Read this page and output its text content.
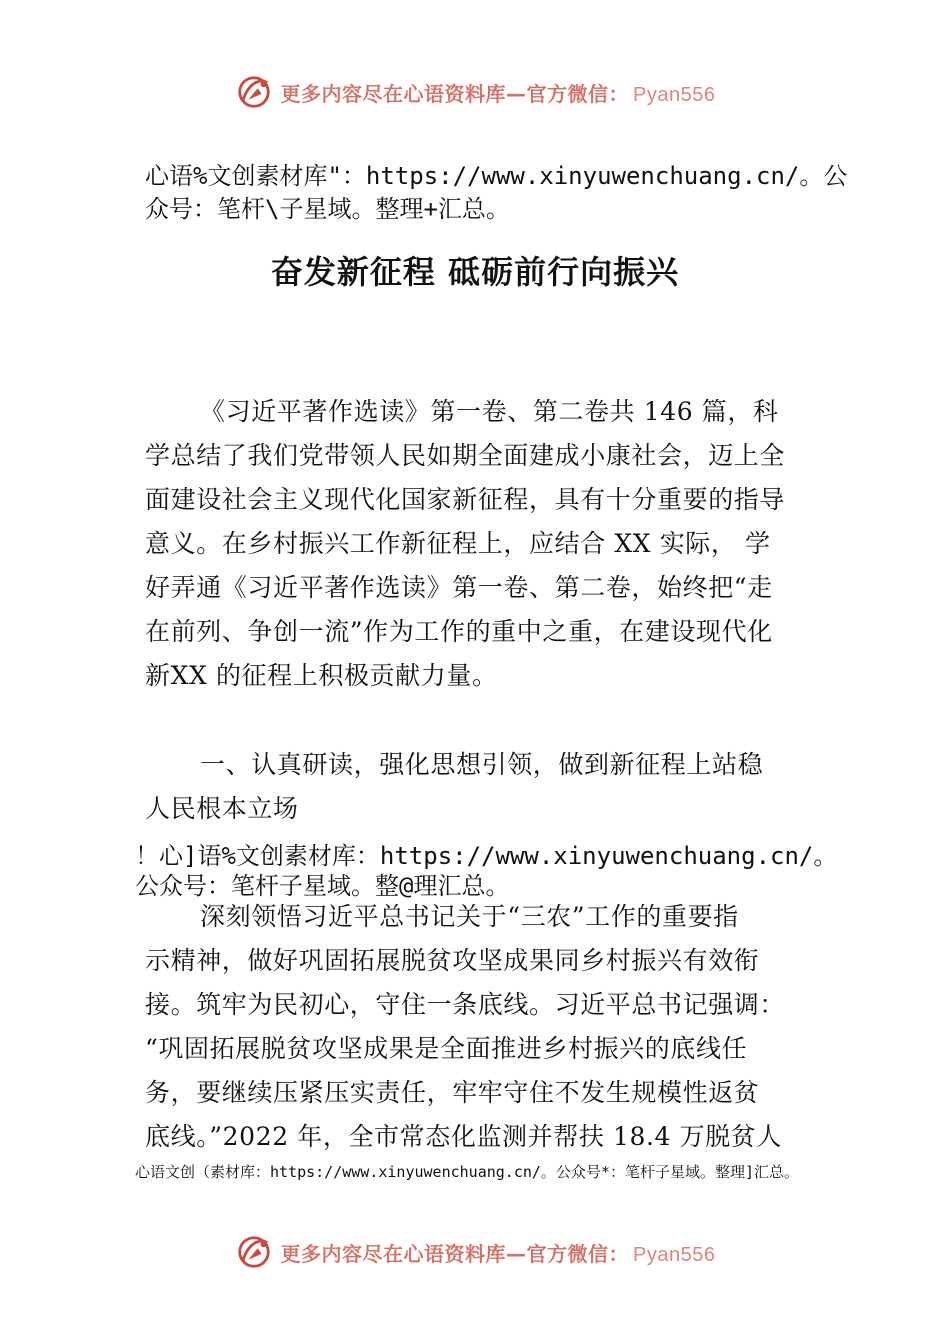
更多内容尽在心语资料库—官方微信： Pyan556
心语%文创素材库"：https://www.xinyuwenchuang.cn/。公
众号：笔杆\子星域。整理+汇总。
奋发新征程 砥砺前行向振兴
《习近平著作选读》第一卷、第二卷共 146 篇，科
学总结了我们党带领人民如期全面建成小康社会，迈上全
面建设社会主义现代化国家新征程，具有十分重要的指导
意义。在乡村振兴工作新征程上，应结合 XX 实际， 学
好弄通《习近平著作选读》第一卷、第二卷，始终把“走
在前列、争创一流”作为工作的重中之重，在建设现代化
新XX 的征程上积极贡献力量。
一、认真研读，强化思想引领，做到新征程上站稳
人民根本立场
！心]语%文创素材库：https://www.xinyuwenchuang.cn/。
公众号：笔杆子星域。整@理汇总。
深刻领悟习近平总书记关于“三农”工作的重要指
示精神，做好巩固拓展脱贫攻坚成果同乡村振兴有效衔
接。筑牢为民初心，守住一条底线。习近平总书记强调：
“巩固拓展脱贫攻坚成果是全面推进乡村振兴的底线任
务，要继续压紧压实责任，牢牢守住不发生规模性返贫
底线。”2022 年，全市常态化监测并帮扶 18.4 万脱贫人
心语文创（素材库：https://www.xinyuwenchuang.cn/。公众号*：笔杆子星域。整理]汇总。
更多内容尽在心语资料库—官方微信： Pyan556
